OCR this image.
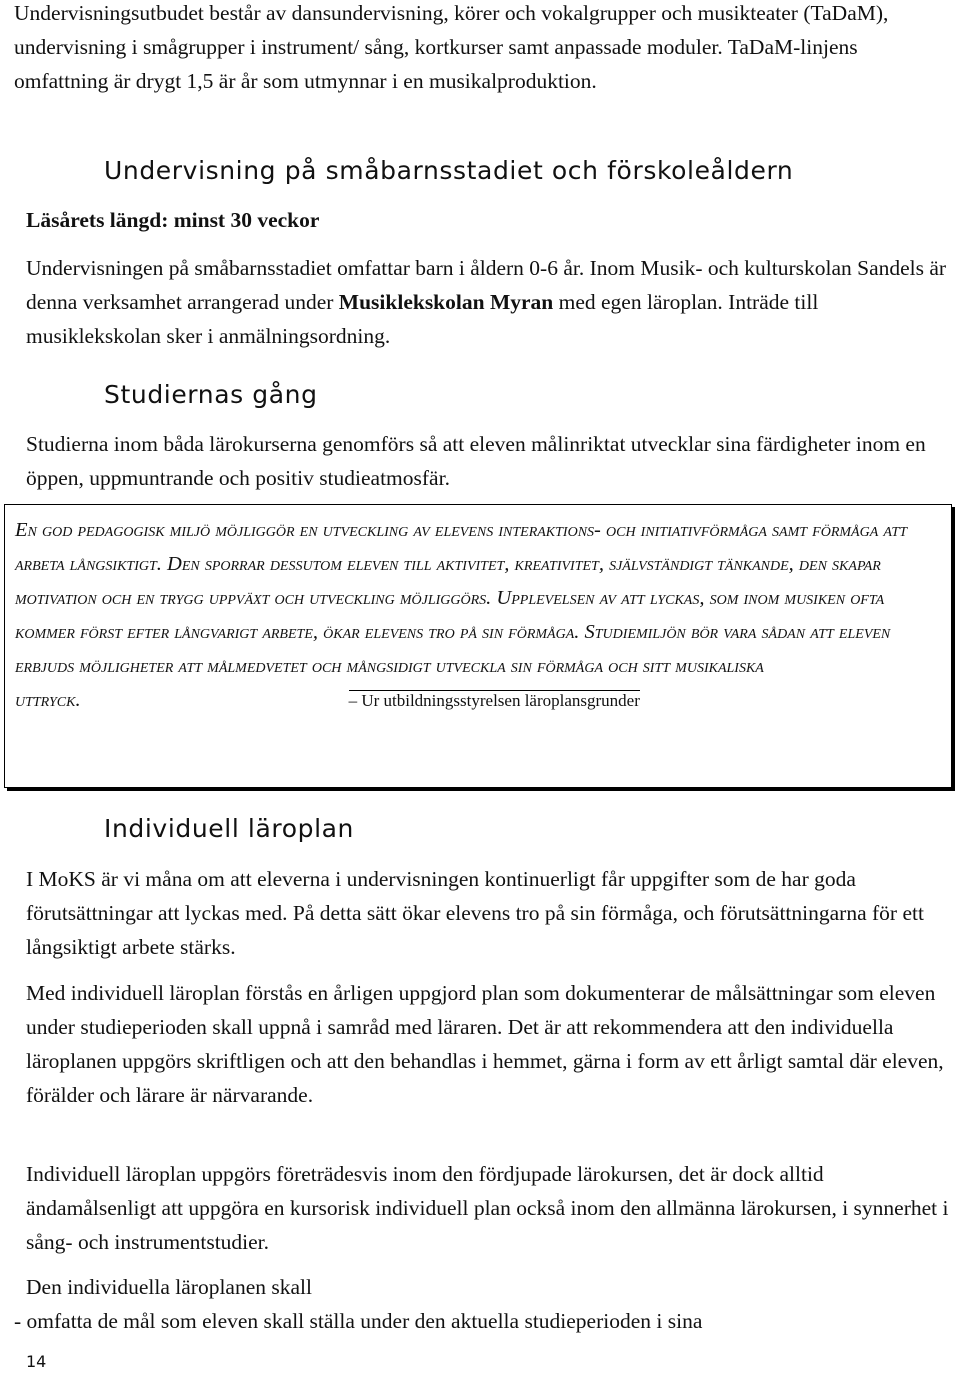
Undervisningsutbudet består av dansundervisning, körer och vokalgrupper och musikteater (TaDaM), undervisning i smågrupper i instrument/ sång, kortkurser samt anpassade moduler. TaDaM-linjens omfattning är drygt 1,5 är år som utmynnar i en musikalproduktion.

Undervisning på småbarnsstadiet och förskoleåldern

Läsårets längd: minst 30 veckor

Undervisningen på småbarnsstadiet omfattar barn i åldern 0-6 år. Inom Musik- och kulturskolan Sandels är denna verksamhet arrangerad under Musiklekskolan Myran med egen läroplan. Inträde till musiklekskolan sker i anmälningsordning.

Studiernas gång

Studierna inom båda lärokurserna genomförs så att eleven målinriktat utvecklar sina färdigheter inom en öppen, uppmuntrande och positiv studieatmosfär.

En god pedagogisk miljö möjliggör en utveckling av elevens interaktions- och initiativförmåga samt förmåga att arbeta långsiktigt. Den sporrar dessutom eleven till aktivitet, kreativitet, självständigt tänkande, den skapar motivation och en trygg uppväxt och utveckling möjliggörs. Upplevelsen av att lyckas, som inom musiken ofta kommer först efter långvarigt arbete, ökar elevens tro på sin förmåga. Studiemiljön bör vara sådan att eleven erbjuds möjligheter att målmedvetet och mångsidigt utveckla sin förmåga och sitt musikaliska uttryck.	– Ur utbildningsstyrelsen läroplansgrunder

Individuell läroplan

I MoKS är vi måna om att eleverna i undervisningen kontinuerligt får uppgifter som de har goda förutsättningar att lyckas med. På detta sätt ökar elevens tro på sin förmåga, och förutsättningarna för ett långsiktigt arbete stärks.

Med individuell läroplan förstås en årligen uppgjord plan som dokumenterar de målsättningar som eleven under studieperioden skall uppnå i samråd med läraren. Det är att rekommendera att den individuella läroplanen uppgörs skriftligen och att den behandlas i hemmet, gärna i form av ett årligt samtal där eleven, förälder och lärare är närvarande.

Individuell läroplan uppgörs företrädesvis inom den fördjupade lärokursen, det är dock alltid ändamålsenligt att uppgöra en kursorisk individuell plan också inom den allmänna lärokursen, i synnerhet i sång- och instrumentstudier.

Den individuella läroplanen skall

- omfatta de mål som eleven skall ställa under den aktuella studieperioden i sina

14
